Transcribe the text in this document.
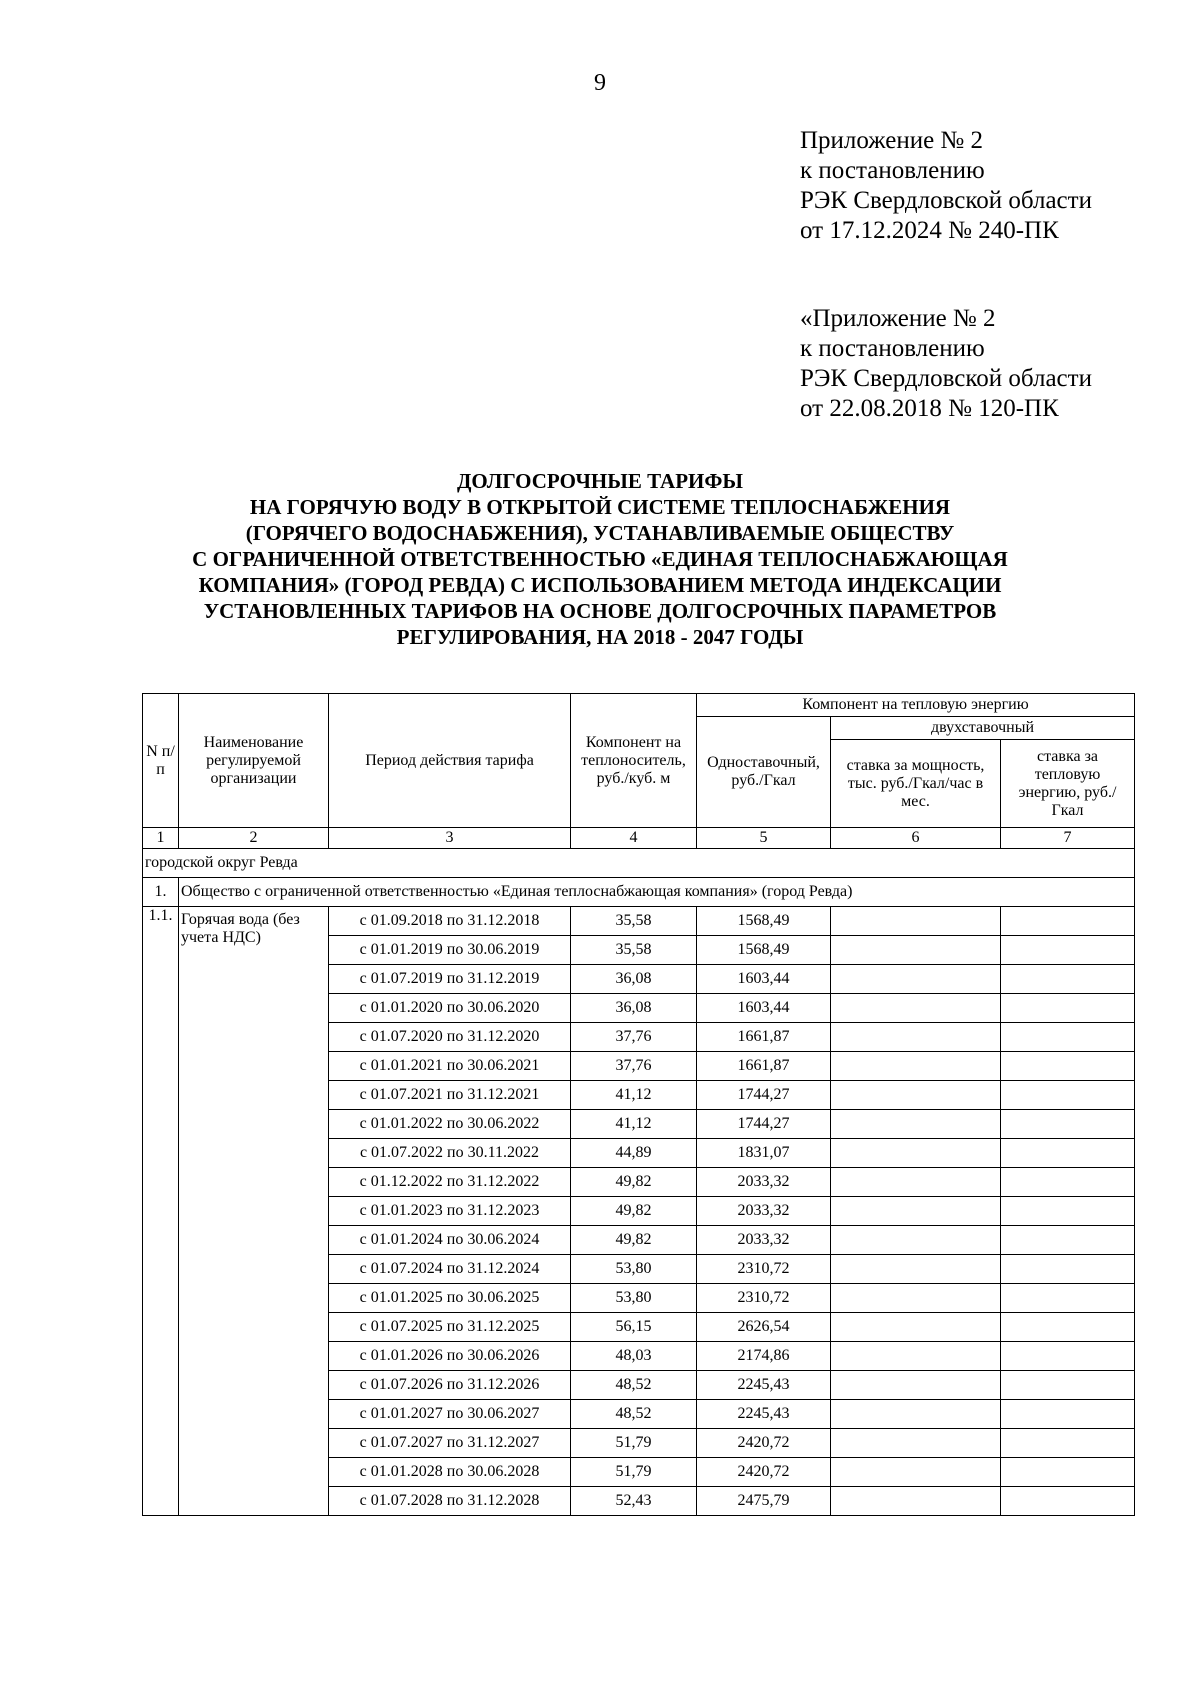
9
Приложение № 2
к постановлению
РЭК Свердловской области
от 17.12.2024 № 240-ПК
«Приложение № 2
к постановлению
РЭК Свердловской области
от 22.08.2018 № 120-ПК
ДОЛГОСРОЧНЫЕ ТАРИФЫ
НА ГОРЯЧУЮ ВОДУ В ОТКРЫТОЙ СИСТЕМЕ ТЕПЛОСНАБЖЕНИЯ
(ГОРЯЧЕГО ВОДОСНАБЖЕНИЯ), УСТАНАВЛИВАЕМЫЕ ОБЩЕСТВУ
С ОГРАНИЧЕННОЙ ОТВЕТСТВЕННОСТЬЮ «ЕДИНАЯ ТЕПЛОСНАБЖАЮЩАЯ
КОМПАНИЯ» (ГОРОД РЕВДА) С ИСПОЛЬЗОВАНИЕМ МЕТОДА ИНДЕКСАЦИИ
УСТАНОВЛЕННЫХ ТАРИФОВ НА ОСНОВЕ ДОЛГОСРОЧНЫХ ПАРАМЕТРОВ
РЕГУЛИРОВАНИЯ, НА 2018 - 2047 ГОДЫ
N п/п	Наименование регулируемой организации	Период действия тарифа	Компонент на теплоноситель, руб./куб. м	Компонент на тепловую энергию		
				Одноставочный, руб./Гкал	двухставочный	
					ставка за мощность, тыс. руб./Гкал/час в мес.	ставка за тепловую энергию, руб./Гкал
1	2	3	4	5	6	7
городской округ Ревда						
1.	Общество с ограниченной ответственностью «Единая теплоснабжающая компания» (город Ревда)					
1.1.	Горячая вода (без учета НДС)	с 01.09.2018 по 31.12.2018	35,58	1568,49		
		с 01.01.2019 по 30.06.2019	35,58	1568,49		
		с 01.07.2019 по 31.12.2019	36,08	1603,44		
		с 01.01.2020 по 30.06.2020	36,08	1603,44		
		с 01.07.2020 по 31.12.2020	37,76	1661,87		
		с 01.01.2021 по 30.06.2021	37,76	1661,87		
		с 01.07.2021 по 31.12.2021	41,12	1744,27		
		с 01.01.2022 по 30.06.2022	41,12	1744,27		
		с 01.07.2022 по 30.11.2022	44,89	1831,07		
		с 01.12.2022 по 31.12.2022	49,82	2033,32		
		с 01.01.2023 по 31.12.2023	49,82	2033,32		
		с 01.01.2024 по 30.06.2024	49,82	2033,32		
		с 01.07.2024 по 31.12.2024	53,80	2310,72		
		с 01.01.2025 по 30.06.2025	53,80	2310,72		
		с 01.07.2025 по 31.12.2025	56,15	2626,54		
		с 01.01.2026 по 30.06.2026	48,03	2174,86		
		с 01.07.2026 по 31.12.2026	48,52	2245,43		
		с 01.01.2027 по 30.06.2027	48,52	2245,43		
		с 01.07.2027 по 31.12.2027	51,79	2420,72		
		с 01.01.2028 по 30.06.2028	51,79	2420,72		
		с 01.07.2028 по 31.12.2028	52,43	2475,79		
